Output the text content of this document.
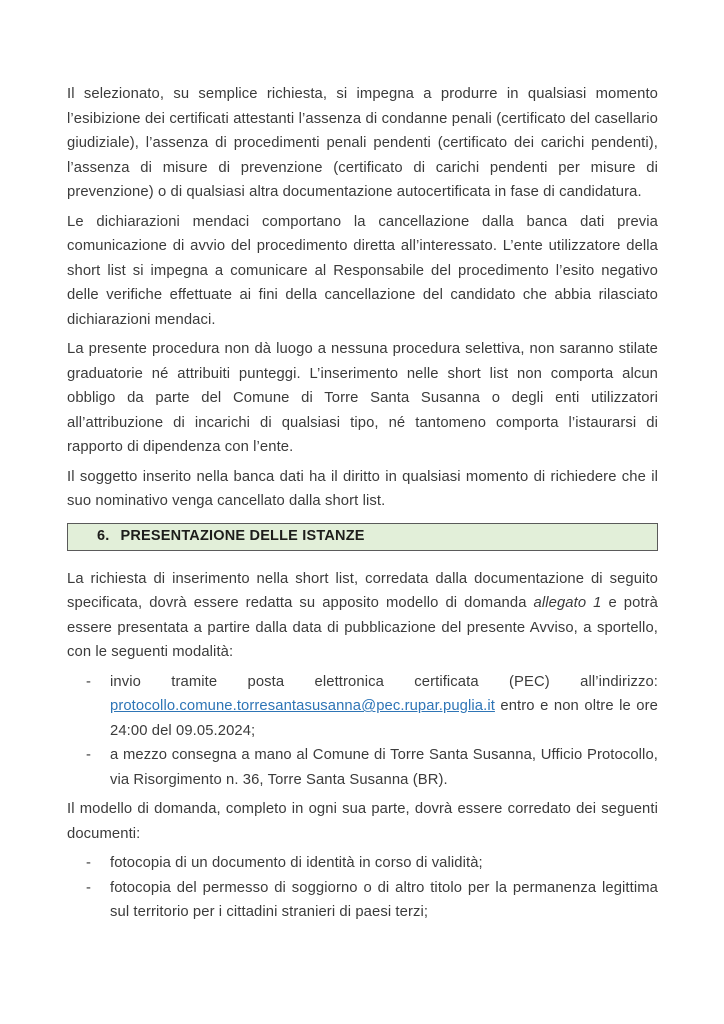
Il selezionato, su semplice richiesta, si impegna a produrre in qualsiasi momento l’esibizione dei certificati attestanti l’assenza di condanne penali (certificato del casellario giudiziale), l’assenza di procedimenti penali pendenti (certificato dei carichi pendenti), l’assenza di misure di prevenzione (certificato di carichi pendenti per misure di prevenzione) o di qualsiasi altra documentazione autocertificata in fase di candidatura.

Le dichiarazioni mendaci comportano la cancellazione dalla banca dati previa comunicazione di avvio del procedimento diretta all’interessato. L’ente utilizzatore della short list si impegna a comunicare al Responsabile del procedimento l’esito negativo delle verifiche effettuate ai fini della cancellazione del candidato che abbia rilasciato dichiarazioni mendaci.

La presente procedura non dà luogo a nessuna procedura selettiva, non saranno stilate graduatorie né attribuiti punteggi. L’inserimento nelle short list non comporta alcun obbligo da parte del Comune di Torre Santa Susanna o degli enti utilizzatori all’attribuzione di incarichi di qualsiasi tipo, né tantomeno comporta l’istaurarsi di rapporto di dipendenza con l’ente.

Il soggetto inserito nella banca dati ha il diritto in qualsiasi momento di richiedere che il suo nominativo venga cancellato dalla short list.

6. PRESENTAZIONE DELLE ISTANZE

La richiesta di inserimento nella short list, corredata dalla documentazione di seguito specificata, dovrà essere redatta su apposito modello di domanda allegato 1 e potrà essere presentata a partire dalla data di pubblicazione del presente Avviso, a sportello, con le seguenti modalità:

-	invio tramite posta elettronica certificata (PEC) all’indirizzo: protocollo.comune.torresantasusanna@pec.rupar.puglia.it entro e non oltre le ore 24:00 del 09.05.2024;
-	a mezzo consegna a mano al Comune di Torre Santa Susanna, Ufficio Protocollo, via Risorgimento n. 36, Torre Santa Susanna (BR).

Il modello di domanda, completo in ogni sua parte, dovrà essere corredato dei seguenti documenti:

-	fotocopia di un documento di identità in corso di validità;
-	fotocopia del permesso di soggiorno o di altro titolo per la permanenza legittima sul territorio per i cittadini stranieri di paesi terzi;
